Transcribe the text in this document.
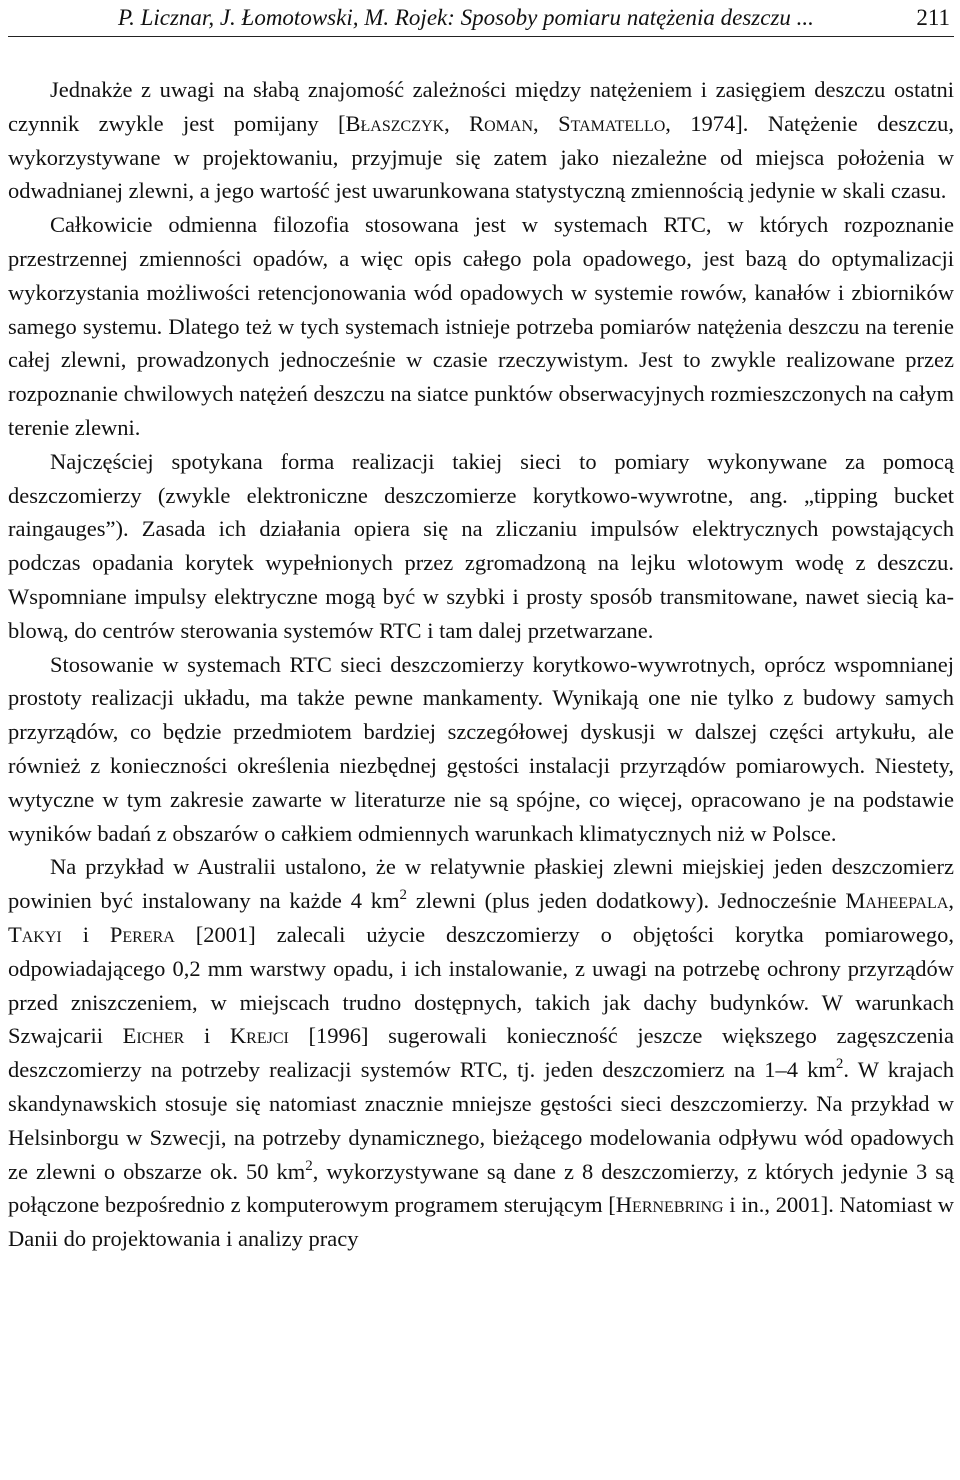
P. Licznar, J. Łomotowski, M. Rojek: Sposoby pomiaru natężenia deszczu ...	211

Jednakże z uwagi na słabą znajomość zależności między natężeniem i zasięgiem deszczu ostatni czynnik zwykle jest pomijany [Błaszczyk, Roman, Stamatello, 1974]. Natężenie deszczu, wykorzystywane w projektowaniu, przyjmuje się zatem jako niezależne od miejsca położenia w odwadnianej zlewni, a jego wartość jest uwarunkowana statystyczną zmiennością jedynie w skali czasu.

Całkowicie odmienna filozofia stosowana jest w systemach RTC, w których rozpoznanie przestrzennej zmienności opadów, a więc opis całego pola opadowego, jest bazą do optymalizacji wykorzystania możliwości retencjonowania wód opadowych w systemie rowów, kanałów i zbiorników samego systemu. Dlatego też w tych systemach istnieje potrzeba pomiarów natężenia deszczu na terenie całej zlewni, prowadzonych jednocześnie w czasie rzeczywistym. Jest to zwykle realizowane przez rozpoznanie chwilowych natężeń deszczu na siatce punktów obserwacyjnych rozmieszczonych na całym terenie zlewni.

Najczęściej spotykana forma realizacji takiej sieci to pomiary wykonywane za pomocą deszczomierzy (zwykle elektroniczne deszczomierze korytkowo-wywrotne, ang. „tipping bucket raingauges”). Zasada ich działania opiera się na zliczaniu impulsów elektrycznych powstających podczas opadania korytek wypełnionych przez zgromadzoną na lejku wlotowym wodę z deszczu. Wspomniane impulsy elektryczne mogą być w szybki i prosty sposób transmitowane, nawet siecią kablową, do centrów sterowania systemów RTC i tam dalej przetwarzane.

Stosowanie w systemach RTC sieci deszczomierzy korytkowo-wywrotnych, oprócz wspomnianej prostoty realizacji układu, ma także pewne mankamenty. Wynikają one nie tylko z budowy samych przyrządów, co będzie przedmiotem bardziej szczegółowej dyskusji w dalszej części artykułu, ale również z konieczności określenia niezbędnej gęstości instalacji przyrządów pomiarowych. Niestety, wytyczne w tym zakresie zawarte w literaturze nie są spójne, co więcej, opracowano je na podstawie wyników badań z obszarów o całkiem odmiennych warunkach klimatycznych niż w Polsce.

Na przykład w Australii ustalono, że w relatywnie płaskiej zlewni miejskiej jeden deszczomierz powinien być instalowany na każde 4 $km^2$ zlewni (plus jeden dodatkowy). Jednocześnie Maheepala, Takyi i Perera [2001] zalecali użycie deszczomierzy o objętości korytka pomiarowego, odpowiadającego 0,2 mm warstwy opadu, i ich instalowanie, z uwagi na potrzebę ochrony przyrządów przed zniszczeniem, w miejscach trudno dostępnych, takich jak dachy budynków. W warunkach Szwajcarii Eicher i Krejci [1996] sugerowali konieczność jeszcze większego zagęszczenia deszczomierzy na potrzeby realizacji systemów RTC, tj. jeden deszczomierz na 1–4 $km^2$. W krajach skandynawskich stosuje się natomiast znacznie mniejsze gęstości sieci deszczomierzy. Na przykład w Helsinborgu w Szwecji, na potrzeby dynamicznego, bieżącego modelowania odpływu wód opadowych ze zlewni o obszarze ok. 50 $km^2$, wykorzystywane są dane z 8 deszczomierzy, z których jedynie 3 są połączone bezpośrednio z komputerowym programem sterującym [Hernebring i in., 2001]. Natomiast w Danii do projektowania i analizy pracy
